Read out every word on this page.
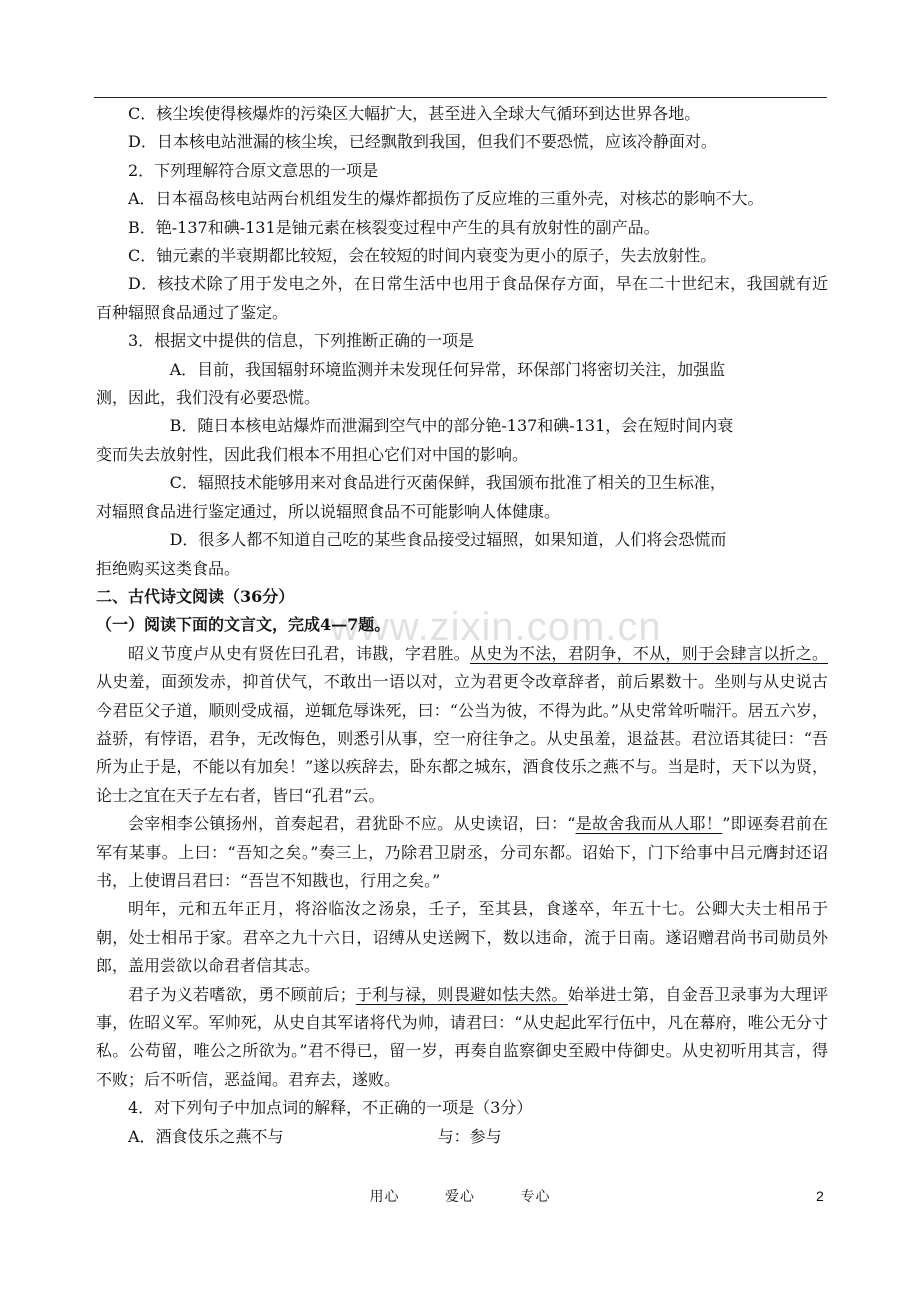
www.zixin.com.cn

C．核尘埃使得核爆炸的污染区大幅扩大，甚至进入全球大气循环到达世界各地。

D．日本核电站泄漏的核尘埃，已经飘散到我国，但我们不要恐慌，应该冷静面对。

2．下列理解符合原文意思的一项是

A．日本福岛核电站两台机组发生的爆炸都损伤了反应堆的三重外壳，对核芯的影响不大。

B．铯-137和碘-131是铀元素在核裂变过程中产生的具有放射性的副产品。

C．铀元素的半衰期都比较短，会在较短的时间内衰变为更小的原子，失去放射性。

D．核技术除了用于发电之外，在日常生活中也用于食品保存方面，早在二十世纪末，我国就有近百种辐照食品通过了鉴定。

3．根据文中提供的信息，下列推断正确的一项是

A．目前，我国辐射环境监测并未发现任何异常，环保部门将密切关注，加强监

测，因此，我们没有必要恐慌。

B．随日本核电站爆炸而泄漏到空气中的部分铯-137和碘-131，会在短时间内衰

变而失去放射性，因此我们根本不用担心它们对中国的影响。

C．辐照技术能够用来对食品进行灭菌保鲜，我国颁布批准了相关的卫生标准，

对辐照食品进行鉴定通过，所以说辐照食品不可能影响人体健康。

D．很多人都不知道自己吃的某些食品接受过辐照，如果知道，人们将会恐慌而

拒绝购买这类食品。

二、古代诗文阅读（36分）

（一）阅读下面的文言文，完成4—7题。

昭义节度卢从史有贤佐曰孔君，讳戡，字君胜。从史为不法，君阴争，不从，则于会肆言以折之。从史羞，面颈发赤，抑首伏气，不敢出一语以对，立为君更令改章辞者，前后累数十。坐则与从史说古今君臣父子道，顺则受成福，逆辄危辱诛死，曰：“公当为彼，不得为此。”从史常耸听喘汗。居五六岁，益骄，有悖语，君争，无改悔色，则悉引从事，空一府往争之。从史虽羞，退益甚。君泣语其徒曰：“吾所为止于是，不能以有加矣！”遂以疾辞去，卧东都之城东，酒食伎乐之燕不与。当是时，天下以为贤，论士之宜在天子左右者，皆曰“孔君”云。

会宰相李公镇扬州，首奏起君，君犹卧不应。从史读诏，曰：“是故舍我而从人耶！”即诬奏君前在军有某事。上曰：“吾知之矣。”奏三上，乃除君卫尉丞，分司东都。诏始下，门下给事中吕元膺封还诏书，上使谓吕君曰：“吾岂不知戡也，行用之矣。”

明年，元和五年正月，将浴临汝之汤泉，壬子，至其县，食遂卒，年五十七。公卿大夫士相吊于朝，处士相吊于家。君卒之九十六日，诏缚从史送阙下，数以违命，流于日南。遂诏赠君尚书司勋员外郎，盖用尝欲以命君者信其志。

君子为义若嗜欲，勇不顾前后；于利与禄，则畏避如怯夫然。始举进士第，自金吾卫录事为大理评事，佐昭义军。军帅死，从史自其军诸将代为帅，请君曰：“从史起此军行伍中，凡在幕府，唯公无分寸私。公苟留，唯公之所欲为。”君不得已，留一岁，再奏自监察御史至殿中侍御史。从史初听用其言，得不败；后不听信，恶益闻。君弃去，遂败。

4．对下列句子中加点词的解释，不正确的一项是（3分）

A．酒食伎乐之燕不与	与：参与

用心	爱心	专心	2
